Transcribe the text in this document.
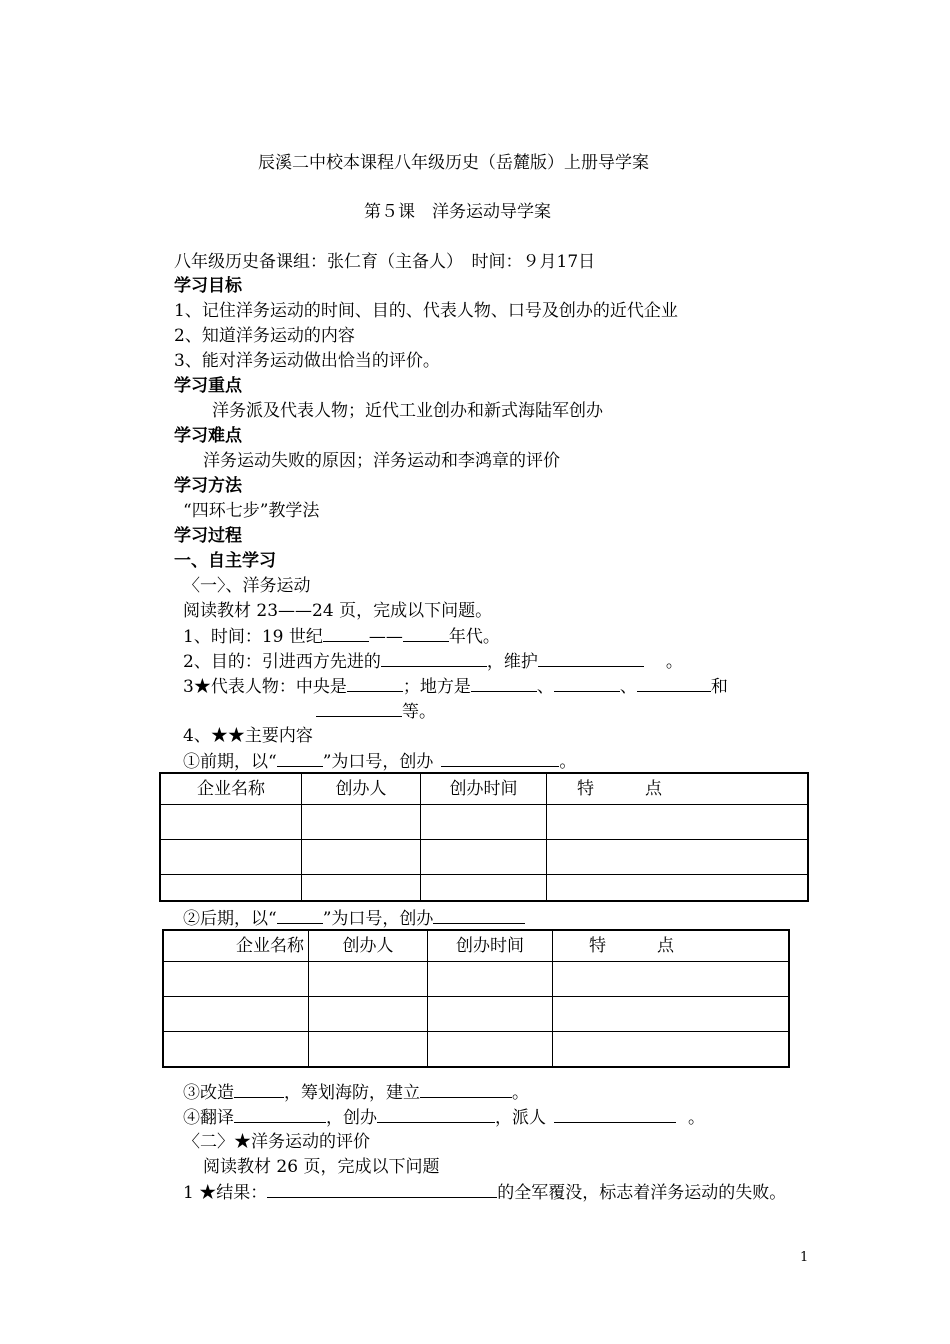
辰溪二中校本课程八年级历史（岳麓版）上册导学案
第５课　洋务运动导学案
八年级历史备课组：张仁育（主备人）　时间：９月17日
学习目标
1、记住洋务运动的时间、目的、代表人物、口号及创办的近代企业
2、知道洋务运动的内容
3、能对洋务运动做出恰当的评价。
学习重点
洋务派及代表人物；近代工业创办和新式海陆军创办
学习难点
洋务运动失败的原因；洋务运动和李鸿章的评价
学习方法
“四环七步”教学法
学习过程
一、自主学习
〈一〉、洋务运动
阅读教材 23——24 页，完成以下问题。
1、时间：19 世纪	——	年代。
2、目的：引进西方先进的	，维护	。
3★代表人物：中央是	；地方是	、	、	和
等。
4、★★主要内容
①前期，以“	”为口号，创办	。
企业名称	创办人	创办时间	特　　　点

②后期，以“	”为口号，创办
企业名称	创办人	创办时间	特　　　点

③改造	，筹划海防，建立	。
④翻译	，创办	，派人	。
〈二〉★洋务运动的评价
阅读教材 26 页，完成以下问题
1 ★结果：	的全军覆没，标志着洋务运动的失败。
1
